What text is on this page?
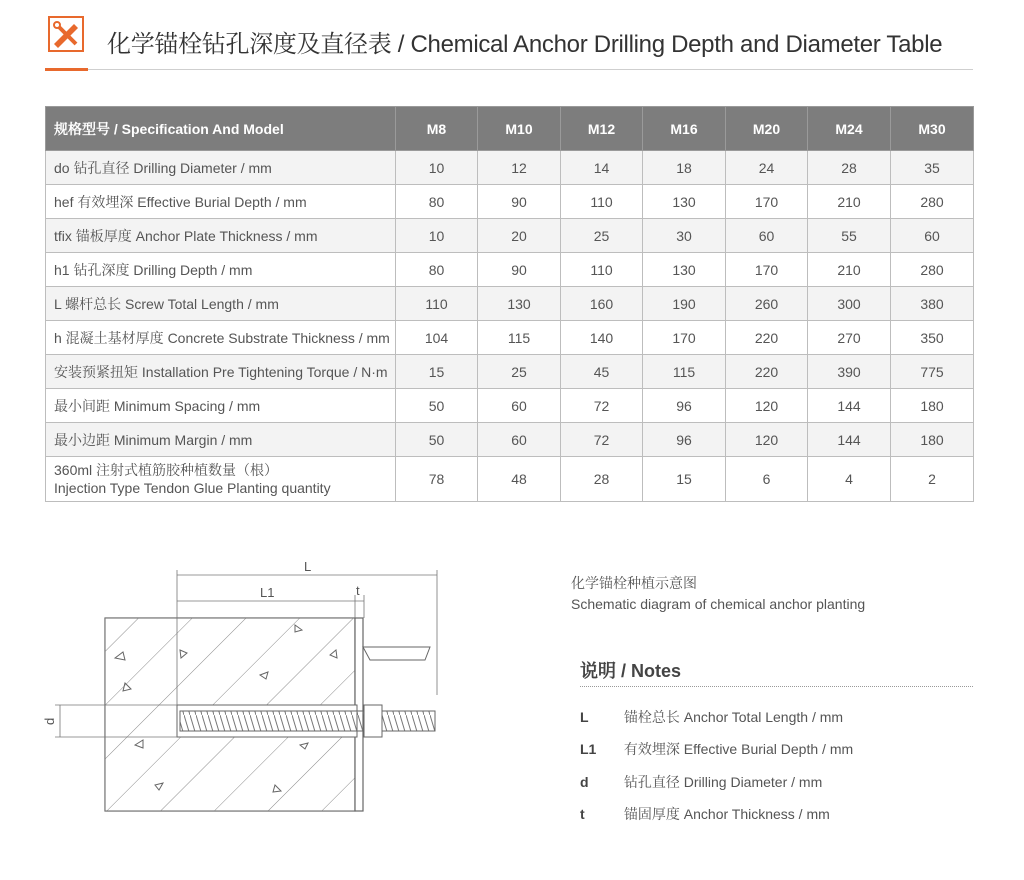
化学锚栓钻孔深度及直径表 / Chemical Anchor Drilling Depth and Diameter Table
规格型号 / Specification And Model	M8	M10	M12	M16	M20	M24	M30
do 钻孔直径 Drilling Diameter / mm	10	12	14	18	24	28	35
hef 有效埋深 Effective Burial Depth / mm	80	90	110	130	170	210	280
tfix 锚板厚度 Anchor Plate Thickness / mm	10	20	25	30	60	55	60
h1 钻孔深度 Drilling Depth / mm	80	90	110	130	170	210	280
L 螺杆总长 Screw Total Length / mm	110	130	160	190	260	300	380
h 混凝土基材厚度 Concrete Substrate Thickness / mm	104	115	140	170	220	270	350
安装预紧扭矩 Installation Pre Tightening Torque / N·m	15	25	45	115	220	390	775
最小间距 Minimum Spacing / mm	50	60	72	96	120	144	180
最小边距 Minimum Margin / mm	50	60	72	96	120	144	180

360ml 注射式植筋胶种植数量（根）
Injection Type Tendon Glue Planting quantity	78	48	28	15	6	4	2
L
L1	t
d
化学锚栓种植示意图
Schematic diagram of chemical anchor planting
说明 / Notes
L	锚栓总长 Anchor Total Length / mm
L1 有效埋深 Effective Burial Depth / mm
d	钻孔直径 Drilling Diameter / mm
t	锚固厚度 Anchor Thickness / mm
